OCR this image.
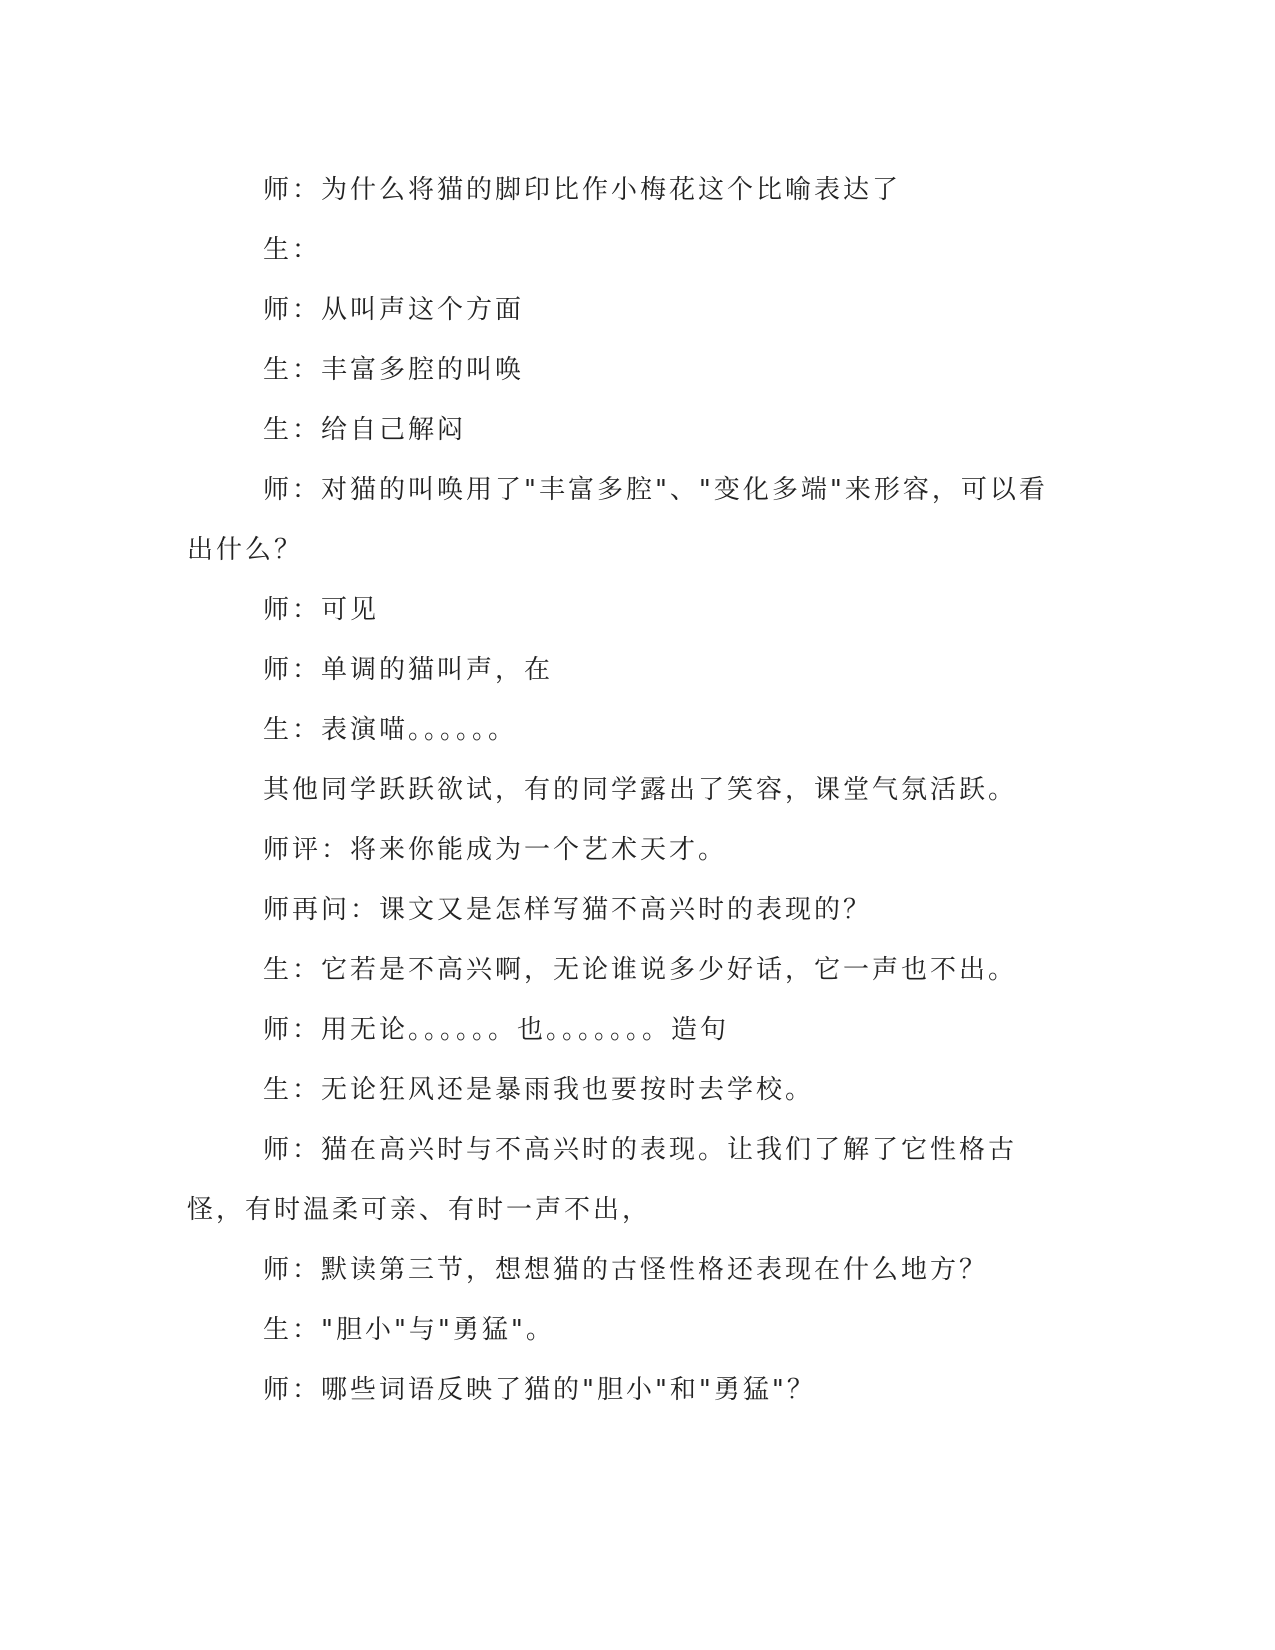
师：为什么将猫的脚印比作小梅花这个比喻表达了

生：

师：从叫声这个方面

生：丰富多腔的叫唤

生：给自己解闷

师：对猫的叫唤用了"丰富多腔"、"变化多端"来形容，可以看出什么？

师：可见

师：单调的猫叫声，在

生：表演喵。。。。。。

其他同学跃跃欲试，有的同学露出了笑容，课堂气氛活跃。

师评：将来你能成为一个艺术天才。

师再问：课文又是怎样写猫不高兴时的表现的？

生：它若是不高兴啊，无论谁说多少好话，它一声也不出。

师：用无论。。。。。。也。。。。。。。造句

生：无论狂风还是暴雨我也要按时去学校。

师：猫在高兴时与不高兴时的表现。让我们了解了它性格古怪，有时温柔可亲、有时一声不出，

师：默读第三节，想想猫的古怪性格还表现在什么地方？

生："胆小"与"勇猛"。

师：哪些词语反映了猫的"胆小"和"勇猛"？
